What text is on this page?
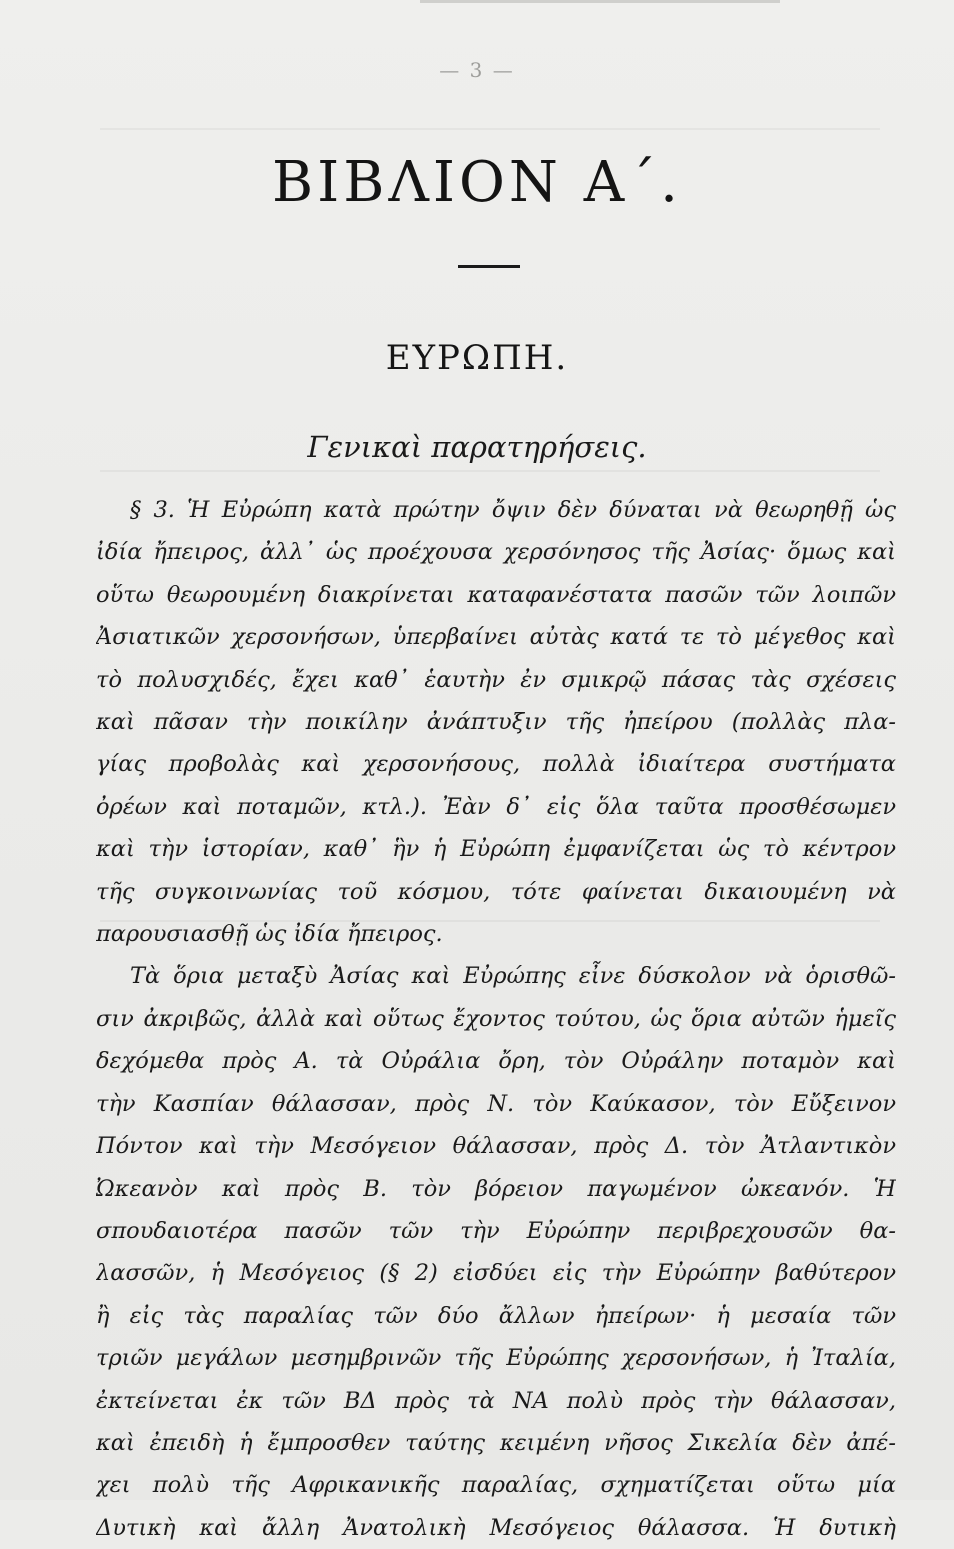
— 3 —
ΒΙΒΛΙΟΝ Α΄.
ΕΥΡΩΠΗ.
Γενικαὶ παρατηρήσεις.
§ 3. Ἡ Εὐρώπη κατὰ πρώτην ὄψιν δὲν δύναται νὰ θεωρηθῇ ὡς
ἰδία ἤπειρος, ἀλλ᾽ ὡς προέχουσα χερσόνησος τῆς Ἀσίας· ὅμως καὶ
οὕτω θεωρουμένη διακρίνεται καταφανέστατα πασῶν τῶν λοιπῶν
Ἀσιατικῶν χερσονήσων, ὑπερβαίνει αὐτὰς κατά τε τὸ μέγεθος καὶ
τὸ πολυσχιδές, ἔχει καθ᾽ ἑαυτὴν ἐν σμικρῷ πάσας τὰς σχέσεις
καὶ πᾶσαν τὴν ποικίλην ἀνάπτυξιν τῆς ἠπείρου (πολλὰς πλα-
γίας προβολὰς καὶ χερσονήσους, πολλὰ ἰδιαίτερα συστήματα
ὀρέων καὶ ποταμῶν, κτλ.). Ἐὰν δ᾽ εἰς ὅλα ταῦτα προσθέσωμεν
καὶ τὴν ἱστορίαν, καθ᾽ ἣν ἡ Εὐρώπη ἐμφανίζεται ὡς τὸ κέντρον
τῆς συγκοινωνίας τοῦ κόσμου, τότε φαίνεται δικαιουμένη νὰ
παρουσιασθῇ ὡς ἰδία ἤπειρος.
Τὰ ὅρια μεταξὺ Ἀσίας καὶ Εὐρώπης εἶνε δύσκολον νὰ ὁρισθῶ-
σιν ἀκριβῶς, ἀλλὰ καὶ οὕτως ἔχοντος τούτου, ὡς ὅρια αὐτῶν ἡμεῖς
δεχόμεθα πρὸς Α. τὰ Οὐράλια ὄρη, τὸν Οὐράλην ποταμὸν καὶ
τὴν Κασπίαν θάλασσαν, πρὸς Ν. τὸν Καύκασον, τὸν Εὔξεινον
Πόντον καὶ τὴν Μεσόγειον θάλασσαν, πρὸς Δ. τὸν Ἀτλαντικὸν
Ὠκεανὸν καὶ πρὸς Β. τὸν βόρειον παγωμένον ὠκεανόν. Ἡ
σπουδαιοτέρα πασῶν τῶν τὴν Εὐρώπην περιβρεχουσῶν θα-
λασσῶν, ἡ Μεσόγειος (§ 2) εἰσδύει εἰς τὴν Εὐρώπην βαθύτερον
ἢ εἰς τὰς παραλίας τῶν δύο ἄλλων ἠπείρων· ἡ μεσαία τῶν
τριῶν μεγάλων μεσημβρινῶν τῆς Εὐρώπης χερσονήσων, ἡ Ἰταλία,
ἐκτείνεται ἐκ τῶν ΒΔ πρὸς τὰ ΝΑ πολὺ πρὸς τὴν θάλασσαν,
καὶ ἐπειδὴ ἡ ἔμπροσθεν ταύτης κειμένη νῆσος Σικελία δὲν ἀπέ-
χει πολὺ τῆς Αφρικανικῆς παραλίας, σχηματίζεται οὕτω μία
Δυτικὴ καὶ ἄλλη Ἀνατολικὴ Μεσόγειος θάλασσα. Ἡ δυτικὴ
